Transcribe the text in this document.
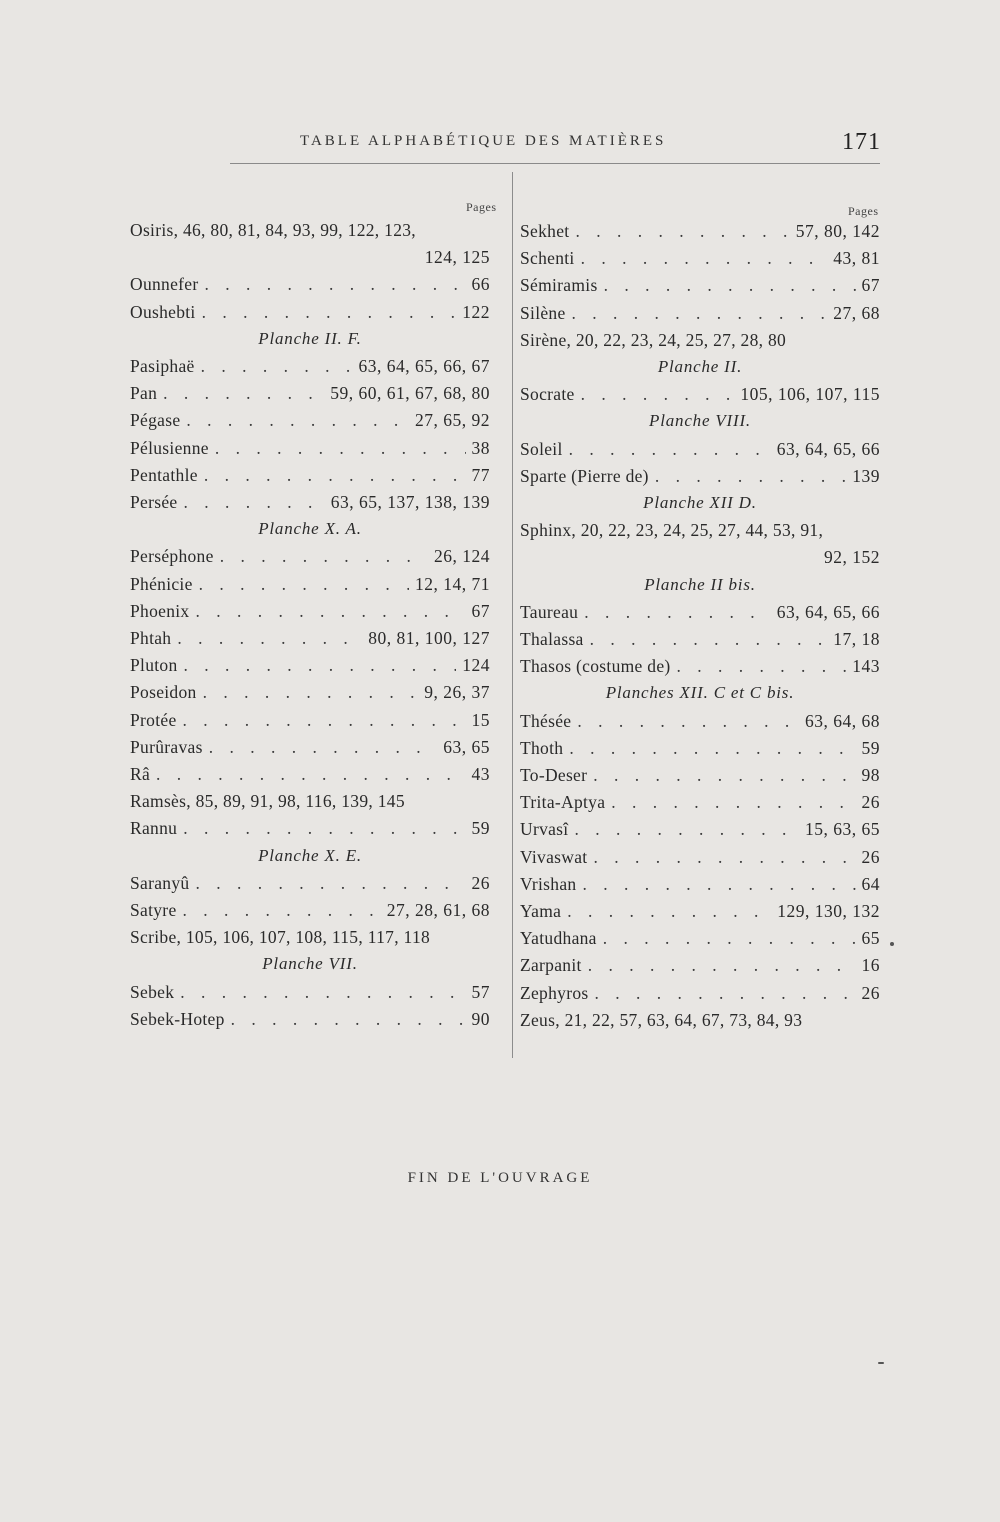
TABLE ALPHABÉTIQUE DES MATIÈRES	171
Pages
Osiris, 46, 80, 81, 84, 93, 99, 122, 123,
124, 125
Ounnefer . . .	66
Oushebti . . .	122
Planche II. F.
Pasiphaë . . .	63, 64, 65, 66, 67
Pan . . .	59, 60, 61, 67, 68, 80
Pégase . . .	27, 65, 92
Pélusienne . . .	38
Pentathle . . .	77
Persée . . .	63, 65, 137, 138, 139
Planche X. A.
Perséphone . . .	26, 124
Phénicie . . .	12, 14, 71
Phoenix . . .	67
Phtah . . .	80, 81, 100, 127
Pluton . . .	124
Poseidon . . .	9, 26, 37
Protée . . .	15
Purûravas . . .	63, 65
Râ . . .	43
Ramsès, 85, 89, 91, 98, 116, 139, 145
Rannu . . .	59
Planche X. E.
Saranyû . . .	26
Satyre . . .	27, 28, 61, 68
Scribe, 105, 106, 107, 108, 115, 117, 118
Planche VII.
Sebek . . .	57
Sebek-Hotep . . .	90
Pages
Sekhet . . .	57, 80, 142
Schenti . . .	43, 81
Sémiramis . . .	67
Silène . . .	27, 68
Sirène, 20, 22, 23, 24, 25, 27, 28, 80
Planche II.
Socrate . . .	105, 106, 107, 115
Planche VIII.
Soleil . . .	63, 64, 65, 66
Sparte (Pierre de) . . .	139
Planche XII D.
Sphinx, 20, 22, 23, 24, 25, 27, 44, 53, 91,
92, 152
Planche II bis.
Taureau . . .	63, 64, 65, 66
Thalassa . . .	17, 18
Thasos (costume de) . . .	143
Planches XII. C et C bis.
Thésée . . .	63, 64, 68
Thoth . . .	59
To-Deser . . .	98
Trita-Aptya . . .	26
Urvasî . . .	15, 63, 65
Vivaswat . . .	26
Vrishan . . .	64
Yama . . .	129, 130, 132
Yatudhana . . .	65
Zarpanit . . .	16
Zephyros . . .	26
Zeus, 21, 22, 57, 63, 64, 67, 73, 84, 93
FIN DE L'OUVRAGE
